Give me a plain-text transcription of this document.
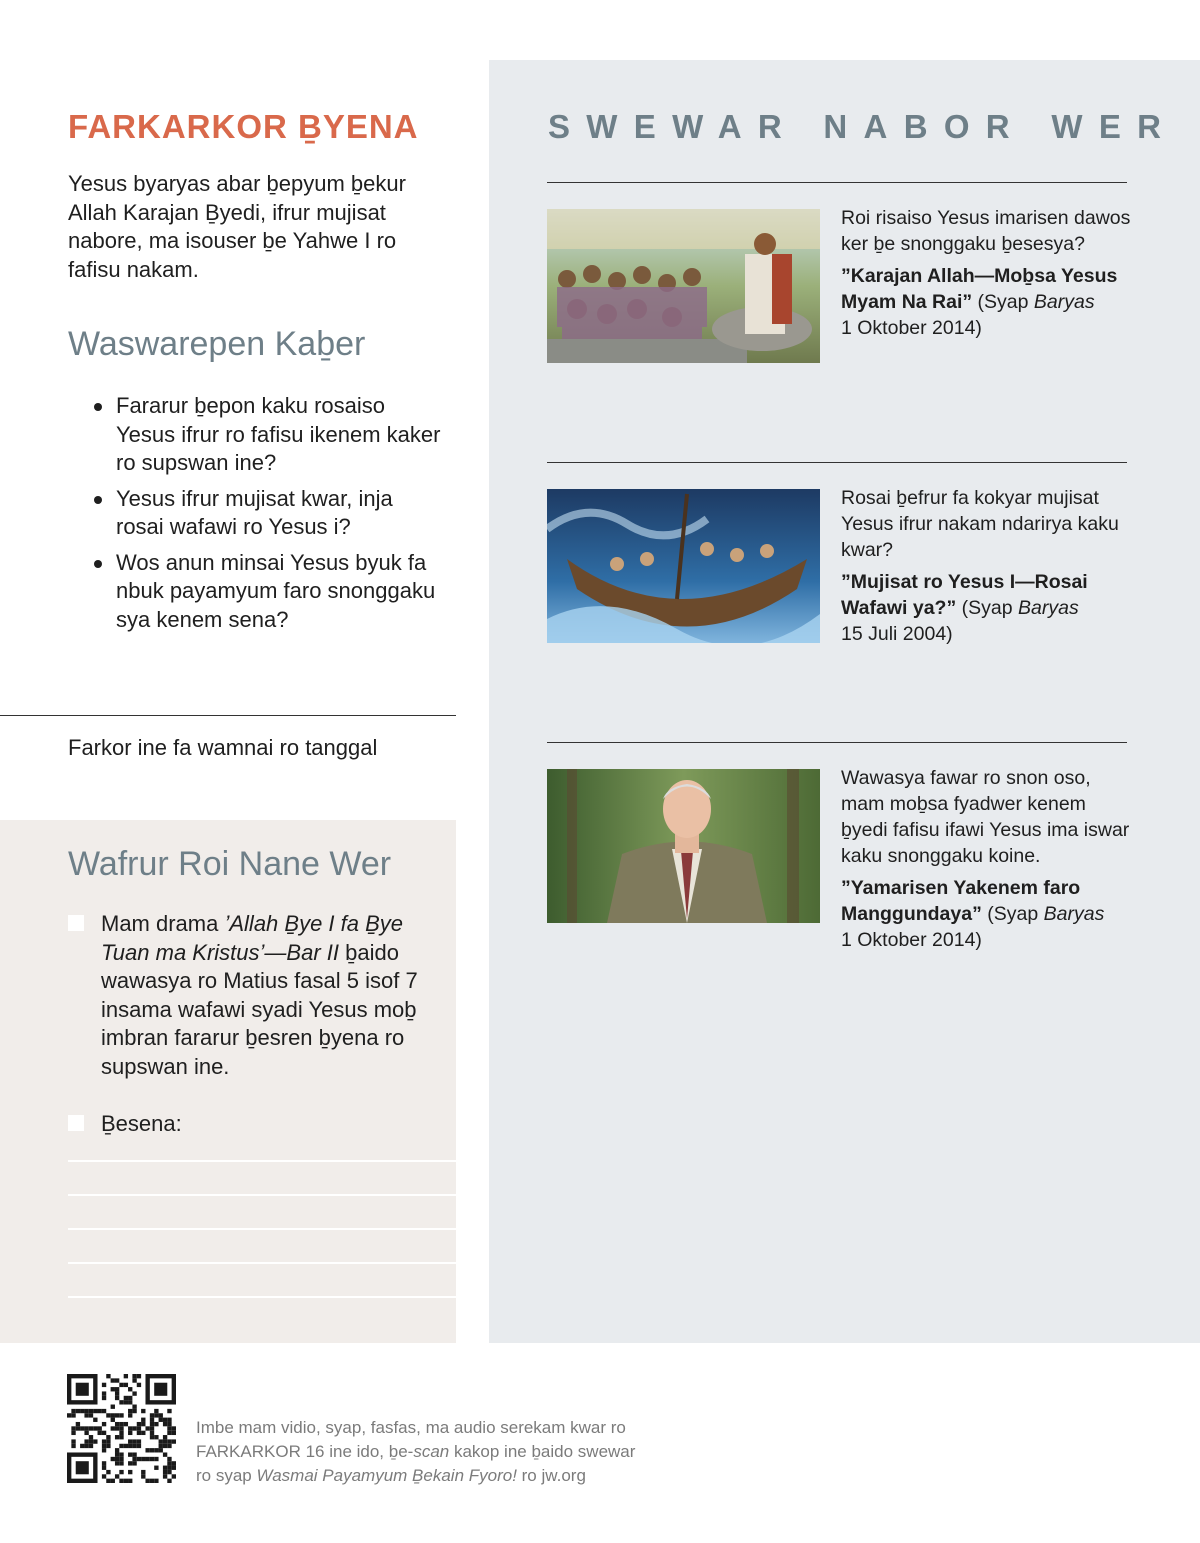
FARKARKOR ḆYENA
Yesus byaryas abar ḇepyum ḇekur Allah Karajan Ḇyedi, ifrur mujisat nabore, ma isouser ḇe Yahwe I ro fafisu nakam.
Waswarepen Kaḇer
Fararur ḇepon kaku rosaiso Yesus ifrur ro fafisu ikenem kaker ro supswan ine?
Yesus ifrur mujisat kwar, inja rosai wafawi ro Yesus i?
Wos anun minsai Yesus byuk fa nbuk payamyum faro snonggaku sya kenem sena?
Farkor ine fa wamnai ro tanggal
Wafrur Roi Nane Wer
Mam drama ’Allah Ḇye I fa Ḇye Tuan ma Kristus’—Bar II ḇaido wawasya ro Matius fasal 5 isof 7 insama wafawi syadi Yesus moḇ imbran fararur ḇesren ḇyena ro supswan ine.
Ḇesena:
SWEWAR NABOR WER
Roi risaiso Yesus imarisen dawos ker ḇe snonggaku ḇesesya?
”Karajan Allah—Moḇsa Yesus Myam Na Rai” (Syap Baryas
1 Oktober 2014)
Rosai ḇefrur fa kokyar mujisat Yesus ifrur nakam ndarirya kaku kwar?
”Mujisat ro Yesus I—Rosai Wafawi ya?” (Syap Baryas
15 Juli 2004)
Wawasya fawar ro snon oso, mam moḇsa fyadwer kenem ḇyedi fafisu ifawi Yesus ima iswar kaku snonggaku koine.
”Yamarisen Yakenem faro Manggundaya” (Syap Baryas
1 Oktober 2014)
Imbe mam vidio, syap, fasfas, ma audio serekam kwar ro
FARKARKOR 16 ine ido, ḇe-scan kakop ine ḇaido swewar
ro syap Wasmai Payamyum Ḇekain Fyoro! ro jw.org
